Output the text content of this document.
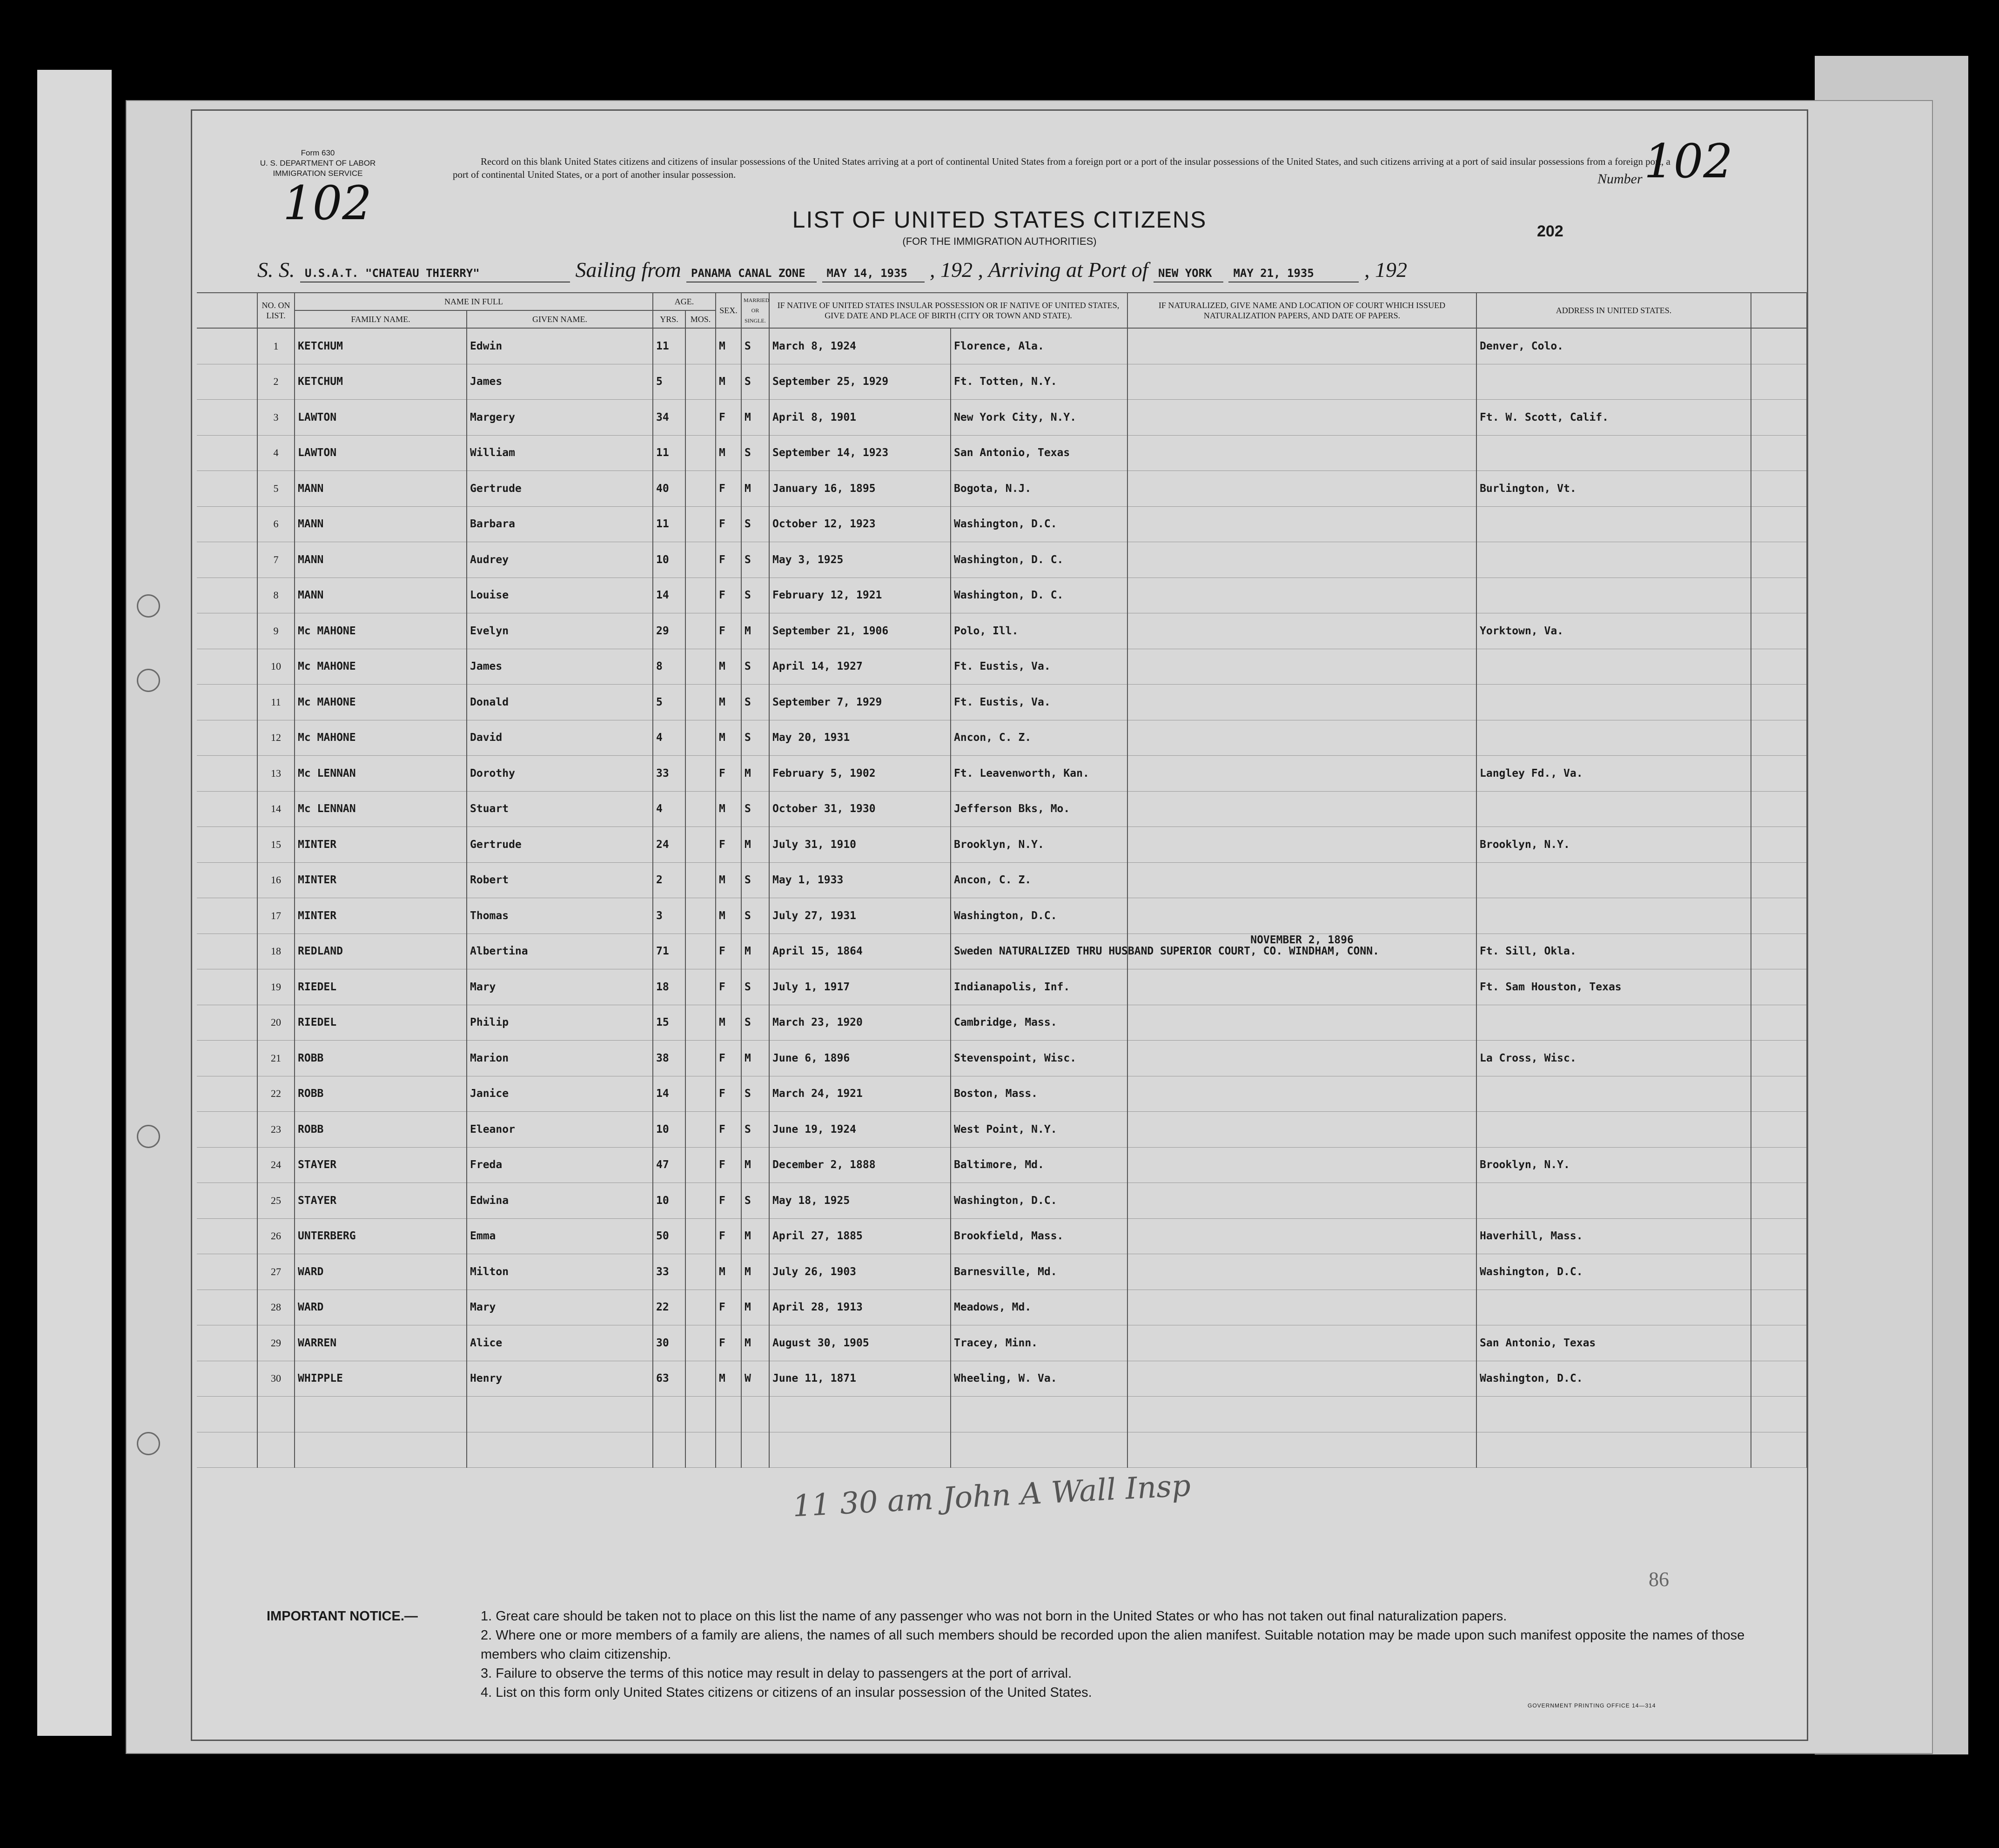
Form 630
U. S. DEPARTMENT OF LABOR
IMMIGRATION SERVICE
102
Record on this blank United States citizens and citizens of insular possessions of the United States arriving at a port of continental United States from a foreign port or a port of the insular possessions of the United States, and such citizens arriving at a port of said insular possessions from a foreign port, a port of continental United States, or a port of another insular possession.	Number 102
LIST OF UNITED STATES CITIZENS
(FOR THE IMMIGRATION AUTHORITIES)
202
S. S. U.S.A.T. "CHATEAU THIERRY"	Sailing from PANAMA CANAL ZONE MAY 14, 1935 , 192 , Arriving at Port of NEW YORK MAY 21, 1935 , 192
	NO. ON LIST.	NAME IN FULL		AGE.		SEX.	MARRIED OR SINGLE.	IF NATIVE OF UNITED STATES INSULAR POSSESSION OR IF NATIVE OF UNITED STATES, GIVE DATE AND PLACE OF BIRTH (CITY OR TOWN AND STATE).		IF NATURALIZED, GIVE NAME AND LOCATION OF COURT WHICH ISSUED NATURALIZATION PAPERS, AND DATE OF PAPERS.	ADDRESS IN UNITED STATES.	
		FAMILY NAME.	GIVEN NAME.	YRS.	MOS.							
	1	KETCHUM	Edwin	11		M	S	March 8, 1924	Florence, Ala.		Denver, Colo.	
	2	KETCHUM	James	5		M	S	September 25, 1929	Ft. Totten, N.Y.			
	3	LAWTON	Margery	34		F	M	April 8, 1901	New York City, N.Y.		Ft. W. Scott, Calif.	
	4	LAWTON	William	11		M	S	September 14, 1923	San Antonio, Texas			
	5	MANN	Gertrude	40		F	M	January 16, 1895	Bogota, N.J.		Burlington, Vt.	
	6	MANN	Barbara	11		F	S	October 12, 1923	Washington, D.C.			
	7	MANN	Audrey	10		F	S	May 3, 1925	Washington, D. C.			
	8	MANN	Louise	14		F	S	February 12, 1921	Washington, D. C.			
	9	Mc MAHONE	Evelyn	29		F	M	September 21, 1906	Polo, Ill.		Yorktown, Va.	
	10	Mc MAHONE	James	8		M	S	April 14, 1927	Ft. Eustis, Va.			
	11	Mc MAHONE	Donald	5		M	S	September 7, 1929	Ft. Eustis, Va.			
	12	Mc MAHONE	David	4		M	S	May 20, 1931	Ancon, C. Z.			
	13	Mc LENNAN	Dorothy	33		F	M	February 5, 1902	Ft. Leavenworth, Kan.		Langley Fd., Va.	
	14	Mc LENNAN	Stuart	4		M	S	October 31, 1930	Jefferson Bks, Mo.			
	15	MINTER	Gertrude	24		F	M	July 31, 1910	Brooklyn, N.Y.		Brooklyn, N.Y.	
	16	MINTER	Robert	2		M	S	May 1, 1933	Ancon, C. Z.			
	17	MINTER	Thomas	3		M	S	July 27, 1931	Washington, D.C.			
	18	REDLAND	Albertina	71		F	M	April 15, 1864	Sweden NATURALIZED THRU HUSBAND SUPERIOR COURT, CO. WINDHAM, CONN.	NOVEMBER 2, 1896	Ft. Sill, Okla.	
	19	RIEDEL	Mary	18		F	S	July 1, 1917	Indianapolis, Inf.		Ft. Sam Houston, Texas	
	20	RIEDEL	Philip	15		M	S	March 23, 1920	Cambridge, Mass.			
	21	ROBB	Marion	38		F	M	June 6, 1896	Stevenspoint, Wisc.		La Cross, Wisc.	
	22	ROBB	Janice	14		F	S	March 24, 1921	Boston, Mass.			
	23	ROBB	Eleanor	10		F	S	June 19, 1924	West Point, N.Y.			
	24	STAYER	Freda	47		F	M	December 2, 1888	Baltimore, Md.		Brooklyn, N.Y.	
	25	STAYER	Edwina	10		F	S	May 18, 1925	Washington, D.C.			
	26	UNTERBERG	Emma	50		F	M	April 27, 1885	Brookfield, Mass.		Haverhill, Mass.	
	27	WARD	Milton	33		M	M	July 26, 1903	Barnesville, Md.		Washington, D.C.	
	28	WARD	Mary	22		F	M	April 28, 1913	Meadows, Md.			
	29	WARREN	Alice	30		F	M	August 30, 1905	Tracey, Minn.		San Antonio, Texas	
	30	WHIPPLE	Henry	63		M	W	June 11, 1871	Wheeling, W. Va.		Washington, D.C.	

11 30 am John A Wall Insp
86
IMPORTANT NOTICE.—	1. Great care should be taken not to place on this list the name of any passenger who was not born in the United States or who has not taken out final naturalization papers.
2. Where one or more members of a family are aliens, the names of all such members should be recorded upon the alien manifest. Suitable notation may be made upon such manifest opposite the names of those members who claim citizenship.
3. Failure to observe the terms of this notice may result in delay to passengers at the port of arrival.
4. List on this form only United States citizens or citizens of an insular possession of the United States.
GOVERNMENT PRINTING OFFICE 14—314
